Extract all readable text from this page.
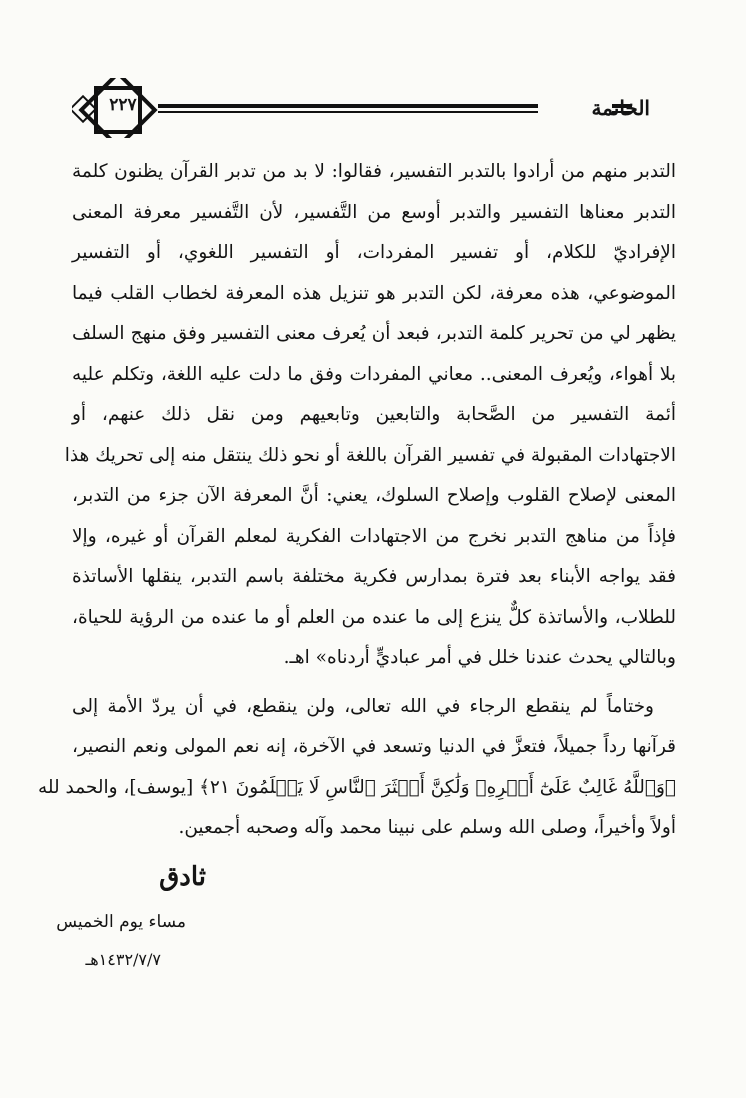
٢٢٧	الخاتمة
التدبر منهم من أرادوا بالتدبر التفسير، فقالوا: لا بد من تدبر القرآن يظنون كلمة
التدبر معناها التفسير والتدبر أوسع من التَّفسير، لأن التَّفسير معرفة المعنى
الإفراديّ للكلام، أو تفسير المفردات، أو التفسير اللغوي، أو التفسير
الموضوعي، هذه معرفة، لكن التدبر هو تنزيل هذه المعرفة لخطاب القلب فيما
يظهر لي من تحرير كلمة التدبر، فبعد أن يُعرف معنى التفسير وفق منهج السلف
بلا أهواء، ويُعرف المعنى.. معاني المفردات وفق ما دلت عليه اللغة، وتكلم عليه
أئمة التفسير من الصَّحابة والتابعين وتابعيهم ومن نقل ذلك عنهم، أو
الاجتهادات المقبولة في تفسير القرآن باللغة أو نحو ذلك ينتقل منه إلى تحريك هذا
المعنى لإصلاح القلوب وإصلاح السلوك، يعني: أنَّ المعرفة الآن جزء من التدبر،
فإذاً من مناهج التدبر نخرج من الاجتهادات الفكرية لمعلم القرآن أو غيره، وإلا
فقد يواجه الأبناء بعد فترة بمدارس فكرية مختلفة باسم التدبر، ينقلها الأساتذة
للطلاب، والأساتذة كلٌّ ينزع إلى ما عنده من العلم أو ما عنده من الرؤية للحياة،
وبالتالي يحدث عندنا خلل في أمر عباديٍّ أردناه» اهـ.
وختاماً لم ينقطع الرجاء في الله تعالى، ولن ينقطع، في أن يردّ الأمة إلى
قرآنها رداً جميلاً، فتعزَّ في الدنيا وتسعد في الآخرة، إنه نعم المولى ونعم النصير،
﴿وَٱللَّهُ غَالِبٌ عَلَىٰٓ أَمۡرِهِۦ وَلَٰكِنَّ أَكۡثَرَ ٱلنَّاسِ لَا يَعۡلَمُونَ ٢١﴾ [يوسف]، والحمد لله
أولاً وأخيراً، وصلى الله وسلم على نبينا محمد وآله وصحبه أجمعين.
ثادق
مساء يوم الخميس
١٤٣٢/٧/٧هـ
